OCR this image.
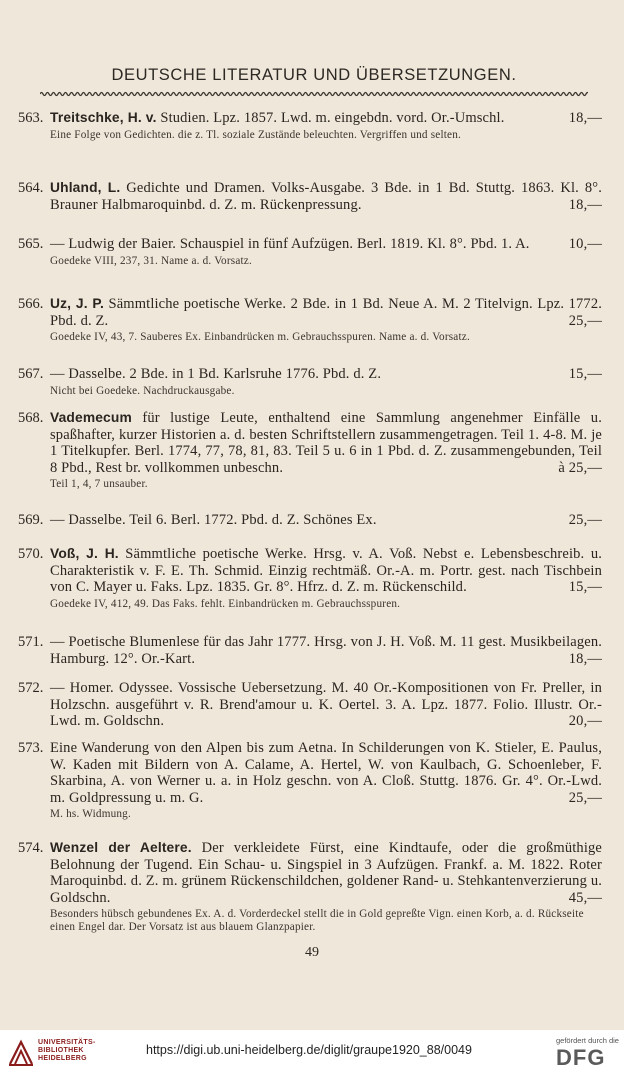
DEUTSCHE LITERATUR UND ÜBERSETZUNGEN.
563. Treitschke, H. v. Studien. Lpz. 1857. Lwd. m. eingebdn. vord. Or.-Umschl.	18,—
Eine Folge von Gedichten. die z. Tl. soziale Zustände beleuchten. Vergriffen und selten.
564. Uhland, L. Gedichte und Dramen. Volks-Ausgabe. 3 Bde. in 1 Bd. Stuttg. 1863. Kl. 8°. Brauner Halbmaroquinbd. d. Z. m. Rückenpressung.	18,—
565. — Ludwig der Baier. Schauspiel in fünf Aufzügen. Berl. 1819. Kl. 8°. Pbd. 1. A.	10,—
Goedeke VIII, 237, 31. Name a. d. Vorsatz.
566. Uz, J. P. Sämmtliche poetische Werke. 2 Bde. in 1 Bd. Neue A. M. 2 Titelvign. Lpz. 1772. Pbd. d. Z.	25,—
Goedeke IV, 43, 7. Sauberes Ex. Einbandrücken m. Gebrauchsspuren. Name a. d. Vorsatz.
567. — Dasselbe. 2 Bde. in 1 Bd. Karlsruhe 1776. Pbd. d. Z.	15,—
Nicht bei Goedeke. Nachdruckausgabe.
568. Vademecum für lustige Leute, enthaltend eine Sammlung angenehmer Einfälle u. spaßhafter, kurzer Historien a. d. besten Schriftstellern zusammengetragen. Teil 1. 4-8. M. je 1 Titelkupfer. Berl. 1774, 77, 78, 81, 83. Teil 5 u. 6 in 1 Pbd. d. Z. zusammengebunden, Teil 8 Pbd., Rest br. vollkommen unbeschn.	à 25,—
Teil 1, 4, 7 unsauber.
569. — Dasselbe. Teil 6. Berl. 1772. Pbd. d. Z. Schönes Ex.	25,—
570. Voß, J. H. Sämmtliche poetische Werke. Hrsg. v. A. Voß. Nebst e. Lebensbeschreib. u. Charakteristik v. F. E. Th. Schmid. Einzig rechtmäß. Or.-A. m. Portr. gest. nach Tischbein von C. Mayer u. Faks. Lpz. 1835. Gr. 8°. Hfrz. d. Z. m. Rückenschild.	15,—
Goedeke IV, 412, 49. Das Faks. fehlt. Einbandrücken m. Gebrauchsspuren.
571. — Poetische Blumenlese für das Jahr 1777. Hrsg. von J. H. Voß. M. 11 gest. Musikbeilagen. Hamburg. 12°. Or.-Kart.	18,—
572. — Homer. Odyssee. Vossische Uebersetzung. M. 40 Or.-Kompositionen von Fr. Preller, in Holzschn. ausgeführt v. R. Brend'amour u. K. Oertel. 3. A. Lpz. 1877. Folio. Illustr. Or.-Lwd. m. Goldschn.	20,—
573. Eine Wanderung von den Alpen bis zum Aetna. In Schilderungen von K. Stieler, E. Paulus, W. Kaden mit Bildern von A. Calame, A. Hertel, W. von Kaulbach, G. Schoenleber, F. Skarbina, A. von Werner u. a. in Holz geschn. von A. Cloß. Stuttg. 1876. Gr. 4°. Or.-Lwd. m. Goldpressung u. m. G.	25,—
M. hs. Widmung.
574. Wenzel der Aeltere. Der verkleidete Fürst, eine Kindtaufe, oder die großmüthige Belohnung der Tugend. Ein Schau- u. Singspiel in 3 Aufzügen. Frankf. a. M. 1822. Roter Maroquinbd. d. Z. m. grünem Rückenschildchen, goldener Rand- u. Stehkantenverzierung u. Goldschn.	45,—
Besonders hübsch gebundenes Ex. A. d. Vorderdeckel stellt die in Gold gepreßte Vign. einen Korb, a. d. Rückseite einen Engel dar. Der Vorsatz ist aus blauem Glanzpapier.
49
UNIVERSITÄTS-
BIBLIOTHEK
HEIDELBERG
https://digi.ub.uni-heidelberg.de/diglit/graupe1920_88/0049
gefördert durch die
DFG
